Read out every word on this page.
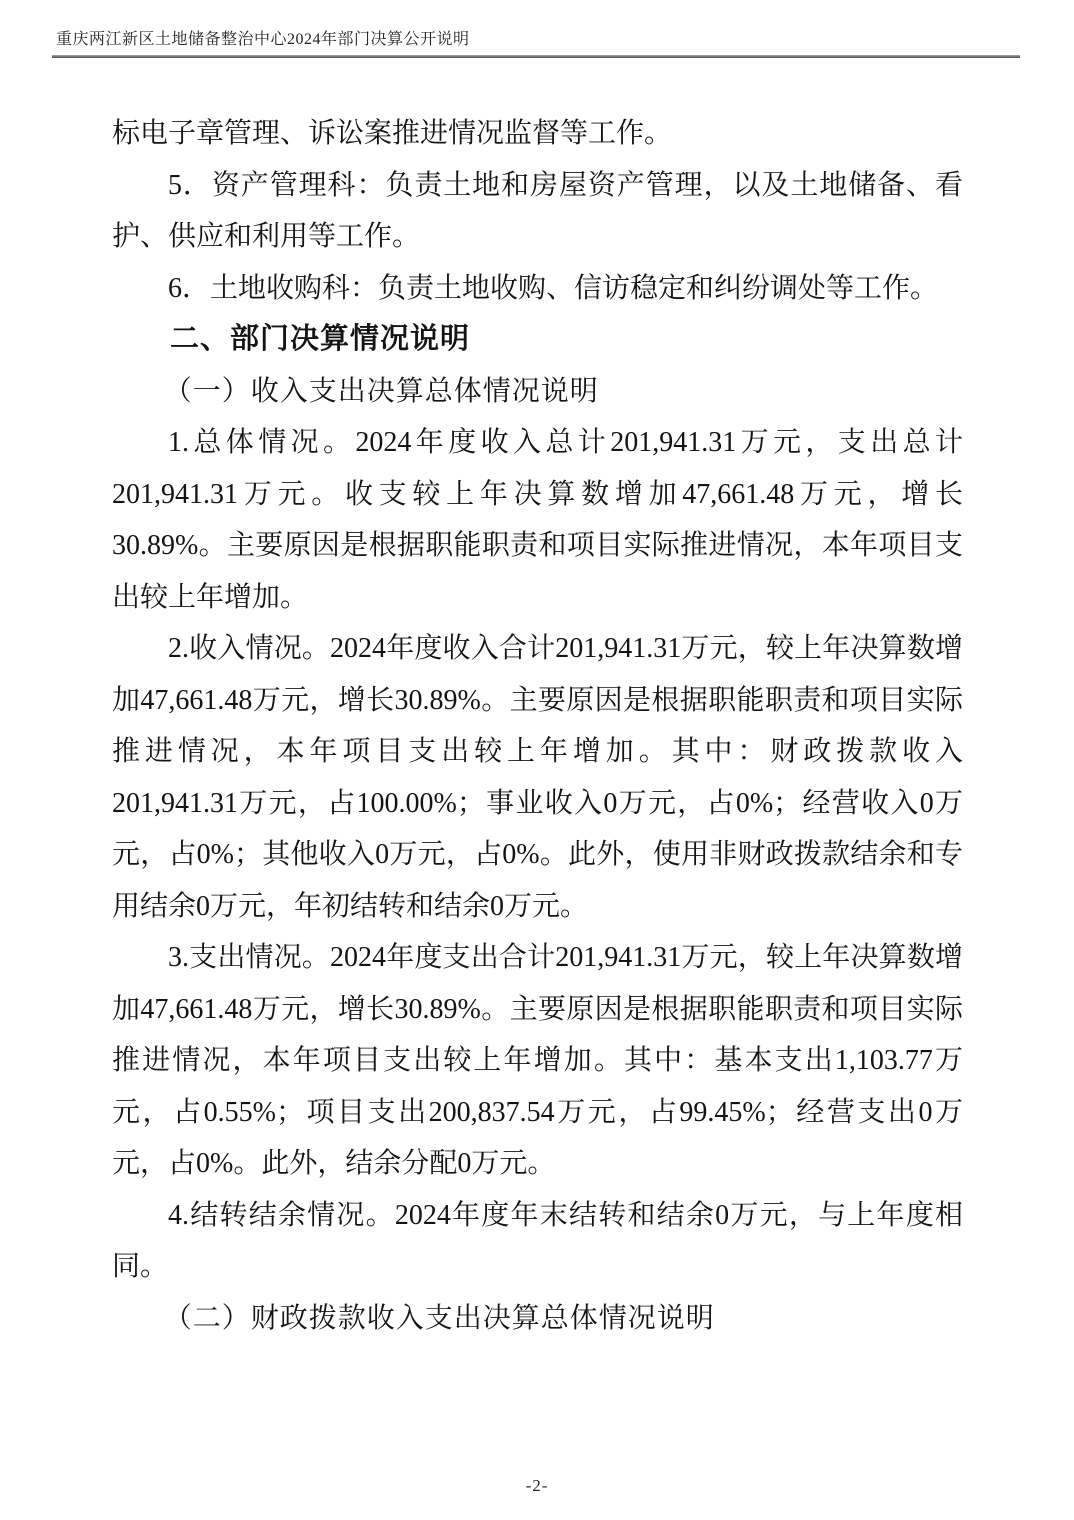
重庆两江新区土地储备整治中心2024年部门决算公开说明

标电子章管理、诉讼案推进情况监督等工作。

5．资产管理科：负责土地和房屋资产管理，以及土地储备、看护、供应和利用等工作。

6．土地收购科：负责土地收购、信访稳定和纠纷调处等工作。

二、部门决算情况说明

（一）收入支出决算总体情况说明

1.总体情况。2024年度收入总计201,941.31万元，支出总计201,941.31万元。收支较上年决算数增加47,661.48万元，增长30.89%。主要原因是根据职能职责和项目实际推进情况，本年项目支出较上年增加。

2.收入情况。2024年度收入合计201,941.31万元，较上年决算数增加47,661.48万元，增长30.89%。主要原因是根据职能职责和项目实际推进情况，本年项目支出较上年增加。其中：财政拨款收入201,941.31万元，占100.00%；事业收入0万元，占0%；经营收入0万元，占0%；其他收入0万元，占0%。此外，使用非财政拨款结余和专用结余0万元，年初结转和结余0万元。

3.支出情况。2024年度支出合计201,941.31万元，较上年决算数增加47,661.48万元，增长30.89%。主要原因是根据职能职责和项目实际推进情况，本年项目支出较上年增加。其中：基本支出1,103.77万元，占0.55%；项目支出200,837.54万元，占99.45%；经营支出0万元，占0%。此外，结余分配0万元。

4.结转结余情况。2024年度年末结转和结余0万元，与上年度相同。

（二）财政拨款收入支出决算总体情况说明

-2-
